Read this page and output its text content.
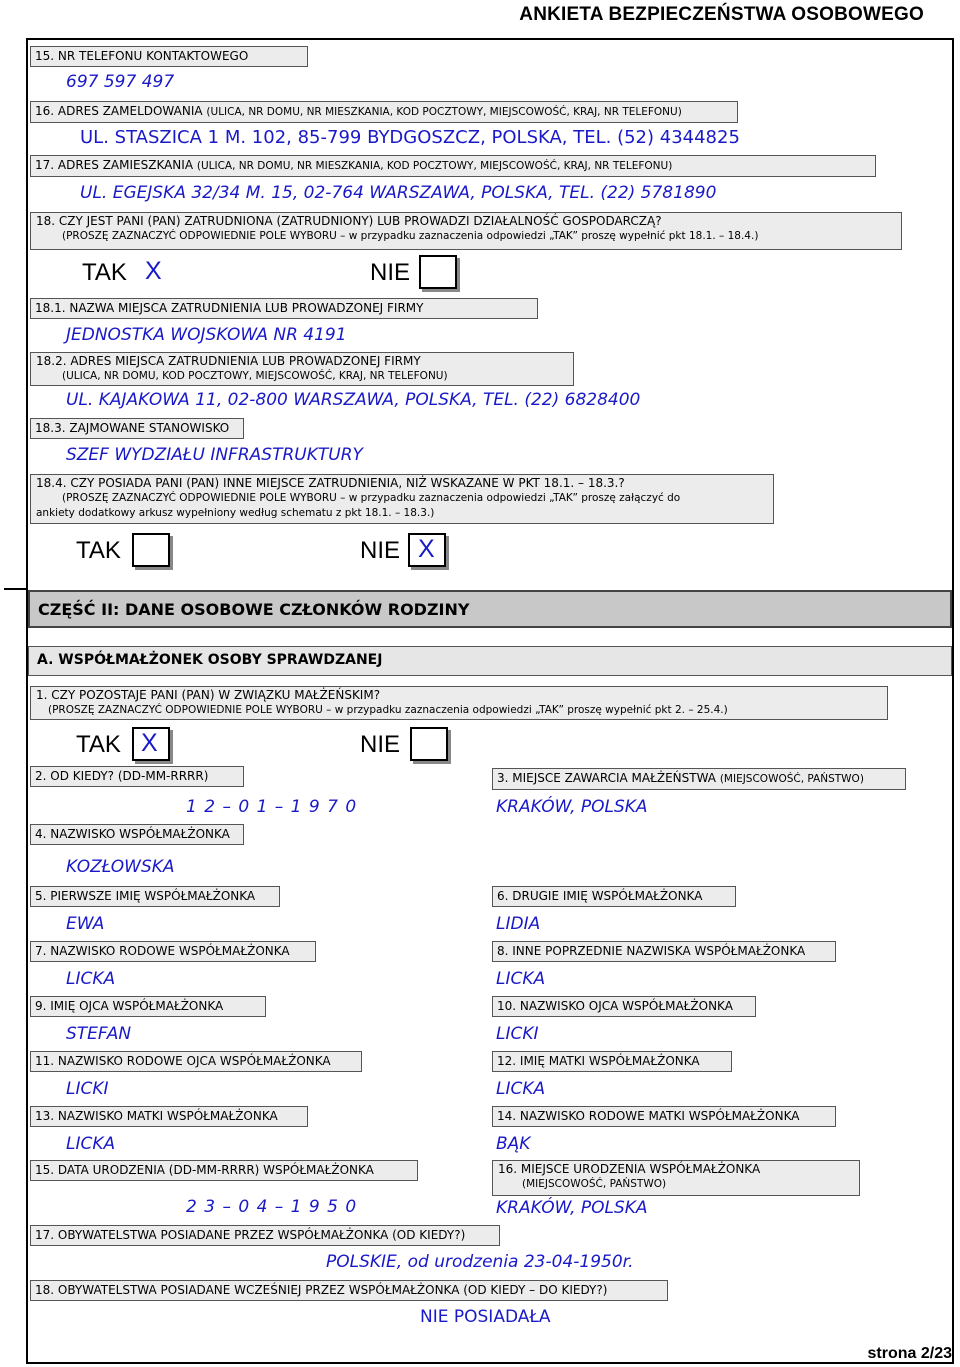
ANKIETA BEZPIECZEŃSTWA OSOBOWEGO
15. NR TELEFONU KONTAKTOWEGO
697 597 497
16. ADRES ZAMELDOWANIA (ULICA, NR DOMU, NR MIESZKANIA, KOD POCZTOWY, MIEJSCOWOŚĆ, KRAJ, NR TELEFONU)
UL. STASZICA 1 M. 102, 85-799 BYDGOSZCZ, POLSKA, TEL. (52) 4344825
17. ADRES ZAMIESZKANIA (ULICA, NR DOMU, NR MIESZKANIA, KOD POCZTOWY, MIEJSCOWOŚĆ, KRAJ, NR TELEFONU)
UL. EGEJSKA 32/34 M. 15, 02-764 WARSZAWA, POLSKA, TEL. (22) 5781890
18. CZY JEST PANI (PAN) ZATRUDNIONA (ZATRUDNIONY) LUB PROWADZI DZIAŁALNOŚĆ GOSPODARCZĄ?
(PROSZĘ ZAZNACZYĆ ODPOWIEDNIE POLE WYBORU – w przypadku zaznaczenia odpowiedzi „TAK” proszę wypełnić pkt 18.1. – 18.4.)
TAK X	NIE
18.1. NAZWA MIEJSCA ZATRUDNIENIA LUB PROWADZONEJ FIRMY
JEDNOSTKA WOJSKOWA NR 4191
18.2. ADRES MIEJSCA ZATRUDNIENIA LUB PROWADZONEJ FIRMY
(ULICA, NR DOMU, KOD POCZTOWY, MIEJSCOWOŚĆ, KRAJ, NR TELEFONU)
UL. KAJAKOWA 11, 02-800 WARSZAWA, POLSKA, TEL. (22) 6828400
18.3. ZAJMOWANE STANOWISKO
SZEF WYDZIAŁU INFRASTRUKTURY
18.4. CZY POSIADA PANI (PAN) INNE MIEJSCE ZATRUDNIENIA, NIŻ WSKAZANE W PKT 18.1. – 18.3.?
(PROSZĘ ZAZNACZYĆ ODPOWIEDNIE POLE WYBORU – w przypadku zaznaczenia odpowiedzi „TAK” proszę załączyć do
ankiety dodatkowy arkusz wypełniony według schematu z pkt 18.1. – 18.3.)
TAK	NIE X
CZĘŚĆ II: DANE OSOBOWE CZŁONKÓW RODZINY
A. WSPÓŁMAŁŻONEK OSOBY SPRAWDZANEJ
1. CZY POZOSTAJE PANI (PAN) W ZWIĄZKU MAŁŻEŃSKIM?
(PROSZĘ ZAZNACZYĆ ODPOWIEDNIE POLE WYBORU – w przypadku zaznaczenia odpowiedzi „TAK” proszę wypełnić pkt 2. – 25.4.)
TAK X	NIE
2. OD KIEDY? (DD-MM-RRRR)
1 2 – 0 1 – 1 9 7 0
3. MIEJSCE ZAWARCIA MAŁŻEŃSTWA (MIEJSCOWOŚĆ, PAŃSTWO)
KRAKÓW, POLSKA
4. NAZWISKO WSPÓŁMAŁŻONKA
KOZŁOWSKA
5. PIERWSZE IMIĘ WSPÓŁMAŁŻONKA
EWA
6. DRUGIE IMIĘ WSPÓŁMAŁŻONKA
LIDIA
7. NAZWISKO RODOWE WSPÓŁMAŁŻONKA
LICKA
8. INNE POPRZEDNIE NAZWISKA WSPÓŁMAŁŻONKA
LICKA
9. IMIĘ OJCA WSPÓŁMAŁŻONKA
STEFAN
10. NAZWISKO OJCA WSPÓŁMAŁŻONKA
LICKI
11. NAZWISKO RODOWE OJCA WSPÓŁMAŁŻONKA
LICKI
12. IMIĘ MATKI WSPÓŁMAŁŻONKA
LICKA
13. NAZWISKO MATKI WSPÓŁMAŁŻONKA
LICKA
14. NAZWISKO RODOWE MATKI WSPÓŁMAŁŻONKA
BĄK
15. DATA URODZENIA (DD-MM-RRRR) WSPÓŁMAŁŻONKA
2 3 – 0 4 – 1 9 5 0
16. MIEJSCE URODZENIA WSPÓŁMAŁŻONKA
(MIEJSCOWOŚĆ, PAŃSTWO)
KRAKÓW, POLSKA
17. OBYWATELSTWA POSIADANE PRZEZ WSPÓŁMAŁŻONKA (OD KIEDY?)
POLSKIE, od urodzenia 23-04-1950r.
18. OBYWATELSTWA POSIADANE WCZEŚNIEJ PRZEZ WSPÓŁMAŁŻONKA (OD KIEDY – DO KIEDY?)
NIE POSIADAŁA
strona 2/23
